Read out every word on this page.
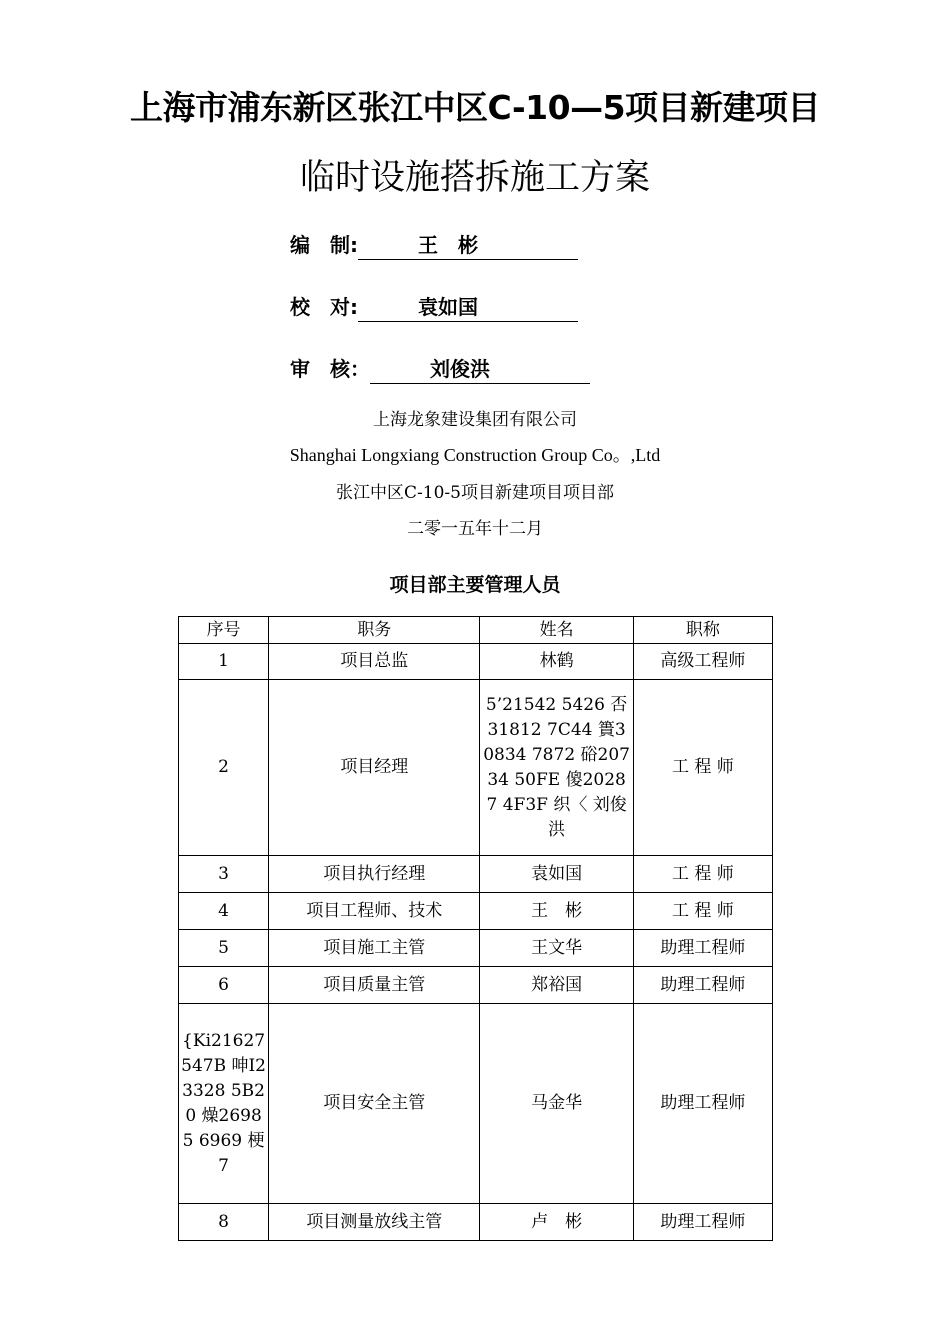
上海市浦东新区张江中区C-10—5项目新建项目
临时设施搭拆施工方案
编　制:　　　王　彬　　　　　
校　对:　　　袁如国　　　　　
审　核：　　　刘俊洪　　　　　
上海龙象建设集团有限公司
Shanghai Longxiang Construction Group Co。,Ltd
张江中区C-10-5项目新建项目项目部
二零一五年十二月
项目部主要管理人员
序号	职务	姓名	职称
1	项目总监	林鹤	高级工程师
2	项目经理	5’21542 5426 否31812 7C44 簣30834 7872 硲20734 50FE 傻20287 4F3F 织〈 刘俊洪	工 程 师
3	项目执行经理	袁如国	工 程 师
4	项目工程师、技术	王　彬	工 程 师
5	项目施工主管	王文华	助理工程师
6	项目质量主管	郑裕国	助理工程师
{Ki21627 547B 呻I23328 5B20 燥26985 6969 梗7	项目安全主管	马金华	助理工程师
8	项目测量放线主管	卢　彬	助理工程师
